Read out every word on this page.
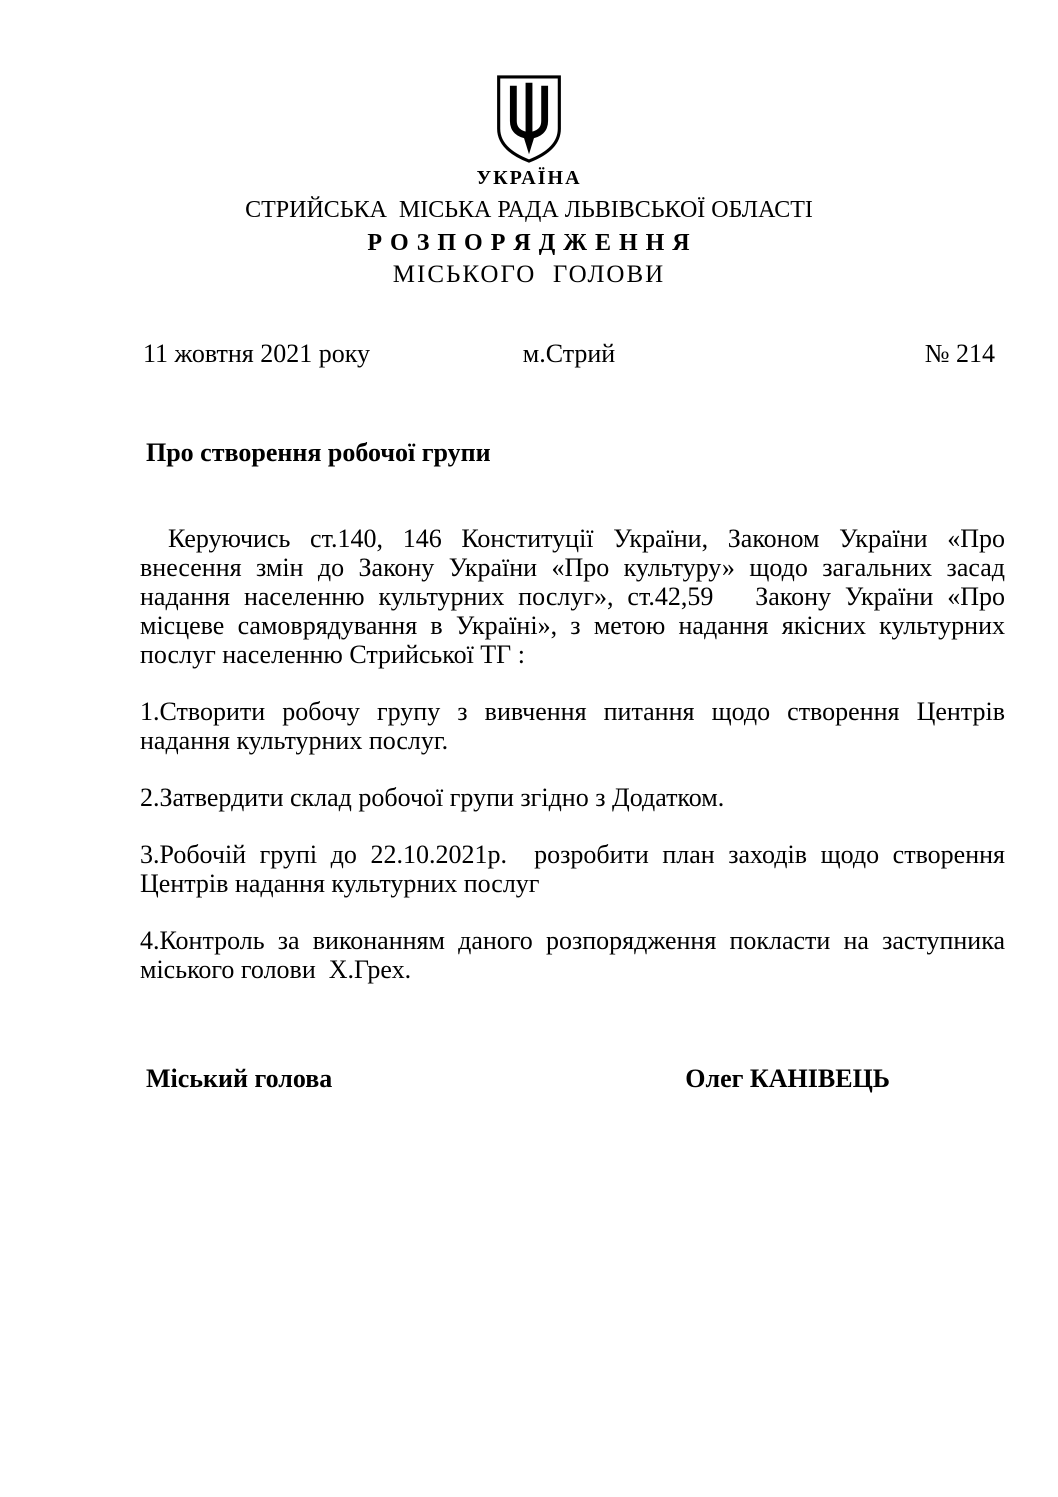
УКРАЇНА
СТРИЙСЬКА  МІСЬКА РАДА ЛЬВІВСЬКОЇ ОБЛАСТІ
Р О З П О Р Я Д Ж Е Н Н Я
МІСЬКОГО  ГОЛОВИ
11 жовтня 2021 року	м.Стрий	№ 214
Про створення робочої групи

Керуючись ст.140, 146 Конституції України, Законом України «Про внесення змін до Закону України «Про культуру» щодо загальних засад  надання населенню культурних послуг», ст.42,59   Закону України «Про місцеве самоврядування в Україні», з метою надання якісних культурних послуг населенню Стрийської ТГ :

1.Створити робочу групу з вивчення питання щодо створення Центрів надання культурних послуг.

2.Затвердити склад робочої групи згідно з Додатком.

3.Робочій групі до 22.10.2021р.  розробити план заходів щодо створення Центрів надання культурних послуг

4.Контроль за виконанням даного розпорядження покласти на заступника міського голови  Х.Грех.

Міський голова	Олег КАНІВЕЦЬ
